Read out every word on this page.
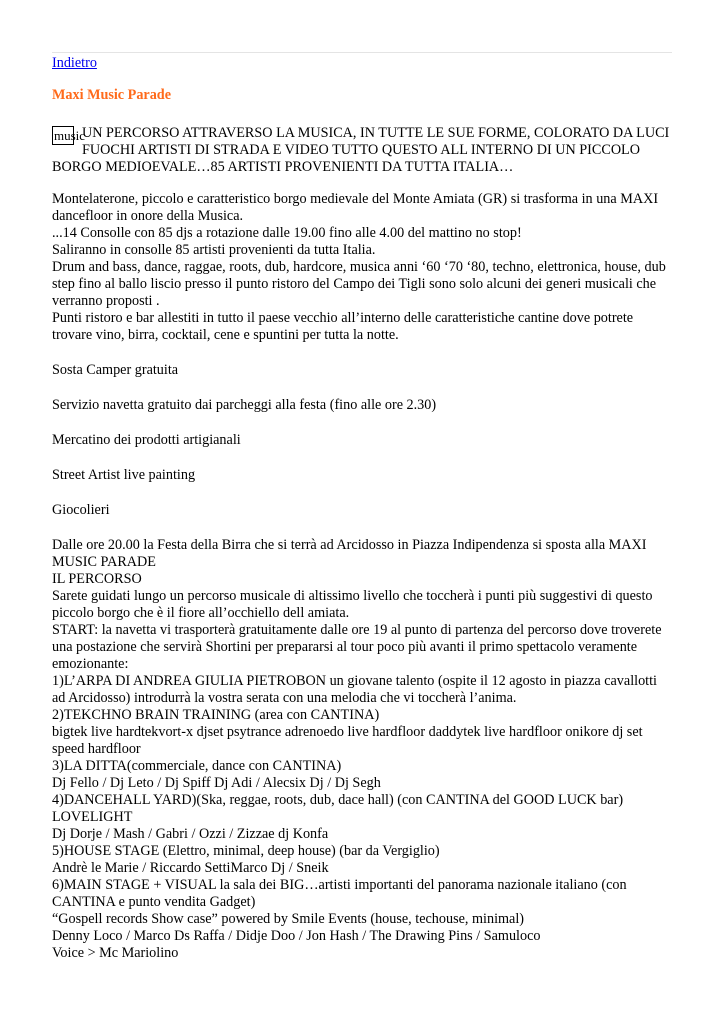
Indietro
Maxi Music Parade
music
UN PERCORSO ATTRAVERSO LA MUSICA, IN TUTTE LE SUE FORME, COLORATO DA LUCI FUOCHI ARTISTI DI STRADA E VIDEO TUTTO QUESTO ALL INTERNO DI UN PICCOLO BORGO MEDIOEVALE…85 ARTISTI PROVENIENTI DA TUTTA ITALIA…

Montelaterone, piccolo e caratteristico borgo medievale del Monte Amiata (GR) si trasforma in una MAXI dancefloor in onore della Musica.

...14 Consolle con 85 djs a rotazione dalle 19.00 fino alle 4.00 del mattino no stop!

Saliranno in consolle 85 artisti provenienti da tutta Italia.

Drum and bass, dance, raggae, roots, dub, hardcore, musica anni ‘60 ‘70 ‘80, techno, elettronica, house, dub step fino al ballo liscio presso il punto ristoro del Campo dei Tigli sono solo alcuni dei generi musicali che verranno proposti .

Punti ristoro e bar allestiti in tutto il paese vecchio all’interno delle caratteristiche cantine dove potrete trovare vino, birra, cocktail, cene e spuntini per tutta la notte.

Sosta Camper gratuita

Servizio navetta gratuito dai parcheggi alla festa (fino alle ore 2.30)

Mercatino dei prodotti artigianali

Street Artist live painting

Giocolieri

Dalle ore 20.00 la Festa della Birra che si terrà ad Arcidosso in Piazza Indipendenza si sposta alla MAXI MUSIC PARADE

IL PERCORSO

Sarete guidati lungo un percorso musicale di altissimo livello che toccherà i punti più suggestivi di questo piccolo borgo che è il fiore all’occhiello dell amiata.

START: la navetta vi trasporterà gratuitamente dalle ore 19 al punto di partenza del percorso dove troverete una postazione che servirà Shortini per prepararsi al tour poco più avanti il primo spettacolo veramente emozionante:

1)L’ARPA DI ANDREA GIULIA PIETROBON un giovane talento (ospite il 12 agosto in piazza cavallotti ad Arcidosso) introdurrà la vostra serata con una melodia che vi toccherà l’anima.

2)TEKCHNO BRAIN TRAINING (area con CANTINA)

bigtek live hardtekvort-x djset psytrance adrenoedo live hardfloor daddytek live hardfloor onikore dj set speed hardfloor

3)LA DITTA(commerciale, dance con CANTINA)

Dj Fello / Dj Leto / Dj Spiff Dj Adi / Alecsix Dj / Dj Segh

4)DANCEHALL YARD)(Ska, reggae, roots, dub, dace hall) (con CANTINA del GOOD LUCK bar)

LOVELIGHT

Dj Dorje / Mash / Gabri / Ozzi / Zizzae dj Konfa

5)HOUSE STAGE (Elettro, minimal, deep house) (bar da Vergiglio)

Andrè le Marie / Riccardo SettiMarco Dj / Sneik

6)MAIN STAGE + VISUAL la sala dei BIG…artisti importanti del panorama nazionale italiano (con CANTINA e punto vendita Gadget)

“Gospell records Show case” powered by Smile Events (house, techouse, minimal)

Denny Loco / Marco Ds Raffa / Didje Doo / Jon Hash / The Drawing Pins / Samuloco

Voice > Mc Mariolino
